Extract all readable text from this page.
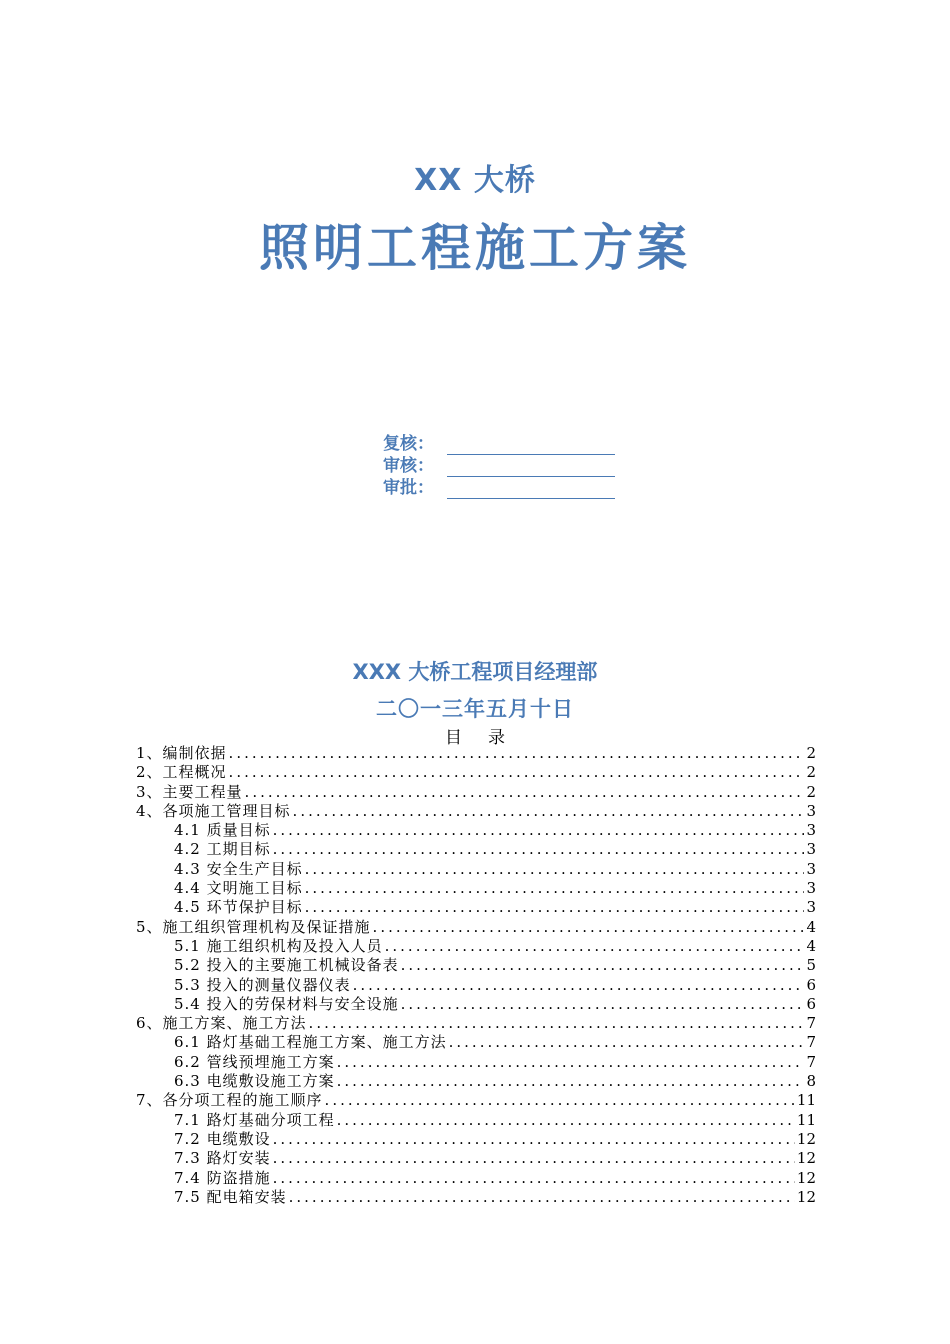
XX 大桥
照明工程施工方案
复核：
审核：
审批：
XXX 大桥工程项目经理部
二〇一三年五月十日
目录
1、编制依据 .....	2
2、工程概况 .....	2
3、主要工程量 .....	2
4、各项施工管理目标 .....	3
4.1 质量目标 .....	3
4.2 工期目标 .....	3
4.3 安全生产目标 .....	3
4.4 文明施工目标 .....	3
4.5 环节保护目标 .....	3
5、施工组织管理机构及保证措施 .....	4
5.1 施工组织机构及投入人员 .....	4
5.2 投入的主要施工机械设备表 .....	5
5.3 投入的测量仪器仪表 .....	6
5.4 投入的劳保材料与安全设施 .....	6
6、施工方案、施工方法 .....	7
6.1 路灯基础工程施工方案、施工方法 .....	7
6.2 管线预埋施工方案 .....	7
6.3 电缆敷设施工方案 .....	8
7、各分项工程的施工顺序 .....	11
7.1 路灯基础分项工程 .....	11
7.2 电缆敷设 .....	12
7.3 路灯安装 .....	12
7.4 防盗措施 .....	12
7.5 配电箱安装 .....	12
